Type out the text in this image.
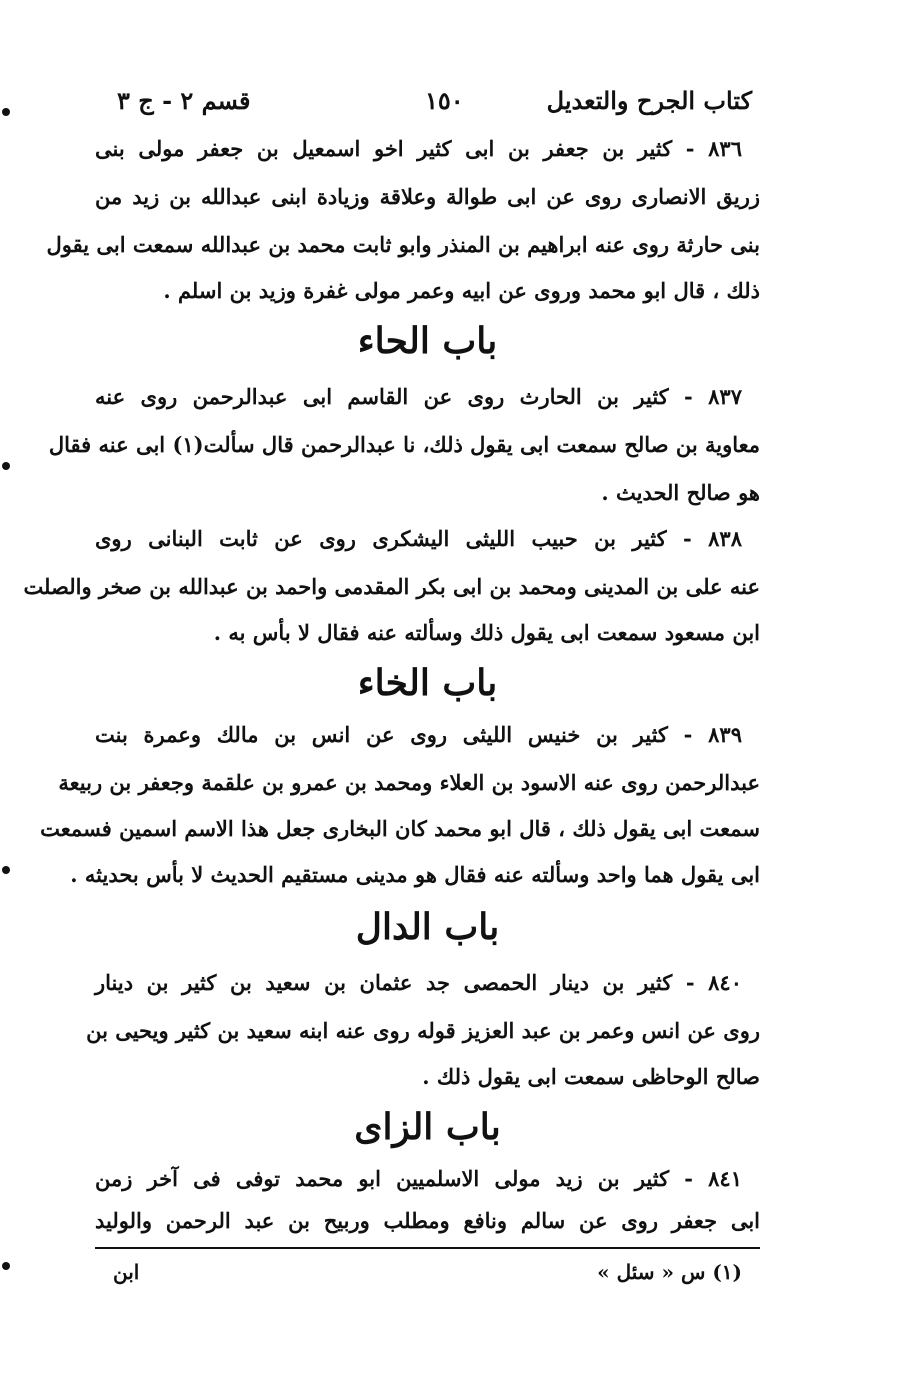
كتاب الجرح والتعديل
١٥٠
قسم ٢ - ج ٣
٨٣٦ - كثير بن جعفر بن ابى كثير اخو اسمعيل بن جعفر مولى بنى
زريق الانصارى روى عن ابى طوالة وعلاقة وزيادة ابنى عبدالله بن زيد من
بنى حارثة روى عنه ابراهيم بن المنذر وابو ثابت محمد بن عبدالله سمعت ابى يقول
ذلك ، قال ابو محمد وروى عن ابيه وعمر مولى غفرة وزيد بن اسلم .
باب الحاء
٨٣٧ - كثير بن الحارث روى عن القاسم ابى عبدالرحمن روى عنه
معاوية بن صالح سمعت ابى يقول ذلك، نا عبدالرحمن قال سألت(١) ابى عنه فقال
هو صالح الحديث .
٨٣٨ - كثير بن حبيب الليثى اليشكرى روى عن ثابت البنانى روى
عنه على بن المدينى ومحمد بن ابى بكر المقدمى واحمد بن عبدالله بن صخر والصلت
ابن مسعود سمعت ابى يقول ذلك وسألته عنه فقال لا بأس به .
باب الخاء
٨٣٩ - كثير بن خنيس الليثى روى عن انس بن مالك وعمرة بنت
عبدالرحمن روى عنه الاسود بن العلاء ومحمد بن عمرو بن علقمة وجعفر بن ربيعة
سمعت ابى يقول ذلك ، قال ابو محمد كان البخارى جعل هذا الاسم اسمين فسمعت
ابى يقول هما واحد وسألته عنه فقال هو مدينى مستقيم الحديث لا بأس بحديثه .
باب الدال
٨٤٠ - كثير بن دينار الحمصى جد عثمان بن سعيد بن كثير بن دينار
روى عن انس وعمر بن عبد العزيز قوله روى عنه ابنه سعيد بن كثير ويحيى بن
صالح الوحاظى سمعت ابى يقول ذلك .
باب الزاى
٨٤١ - كثير بن زيد مولى الاسلميين ابو محمد توفى فى آخر زمن
ابى جعفر روى عن سالم ونافع ومطلب وربيح بن عبد الرحمن والوليد
(١) س « سئل »
ابن
